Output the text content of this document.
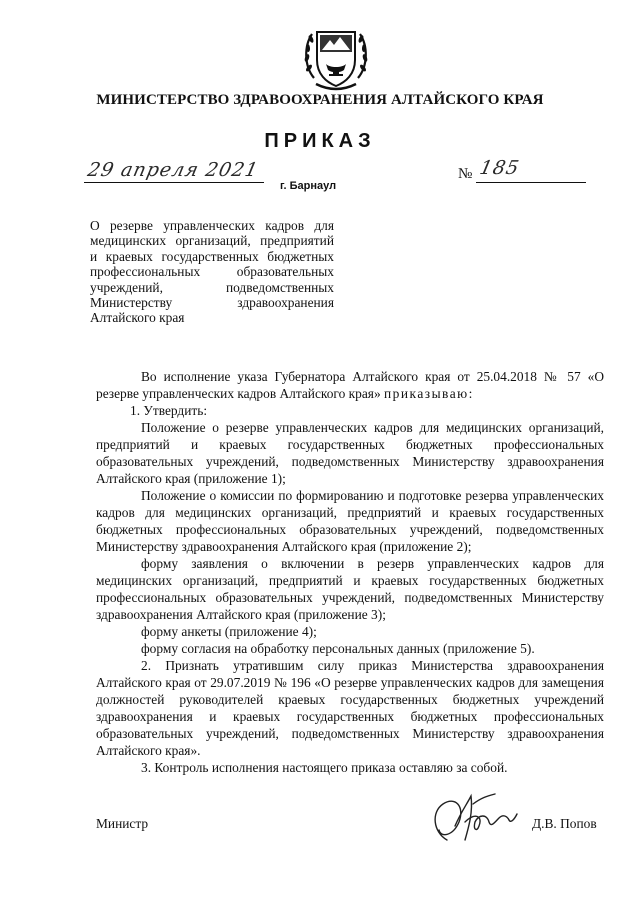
МИНИСТЕРСТВО ЗДРАВООХРАНЕНИЯ АЛТАЙСКОГО КРАЯ
ПРИКАЗ
29 апреля 2021
г. Барнаул
№ 185
О резерве управленческих кадров для
медицинских организаций, предприятий
и краевых государственных бюджетных
профессиональных образовательных
учреждений, подведомственных
Министерству здравоохранения
Алтайского края

Во исполнение указа Губернатора Алтайского края от 25.04.2018 № 57 «О резерве управленческих кадров Алтайского края» приказываю:

1. Утвердить:

Положение о резерве управленческих кадров для медицинских организаций, предприятий и краевых государственных бюджетных профессиональных образовательных учреждений, подведомственных Министерству здравоохранения Алтайского края (приложение 1);

Положение о комиссии по формированию и подготовке резерва управленческих кадров для медицинских организаций, предприятий и краевых государственных бюджетных профессиональных образовательных учреждений, подведомственных Министерству здравоохранения Алтайского края (приложение 2);

форму заявления о включении в резерв управленческих кадров для медицинских организаций, предприятий и краевых государственных бюджетных профессиональных образовательных учреждений, подведомственных Министерству здравоохранения Алтайского края (приложение 3);

форму анкеты (приложение 4);

форму согласия на обработку персональных данных (приложение 5).

2. Признать утратившим силу приказ Министерства здравоохранения Алтайского края от 29.07.2019 № 196 «О резерве управленческих кадров для замещения должностей руководителей краевых государственных бюджетных учреждений здравоохранения и краевых государственных бюджетных профессиональных образовательных учреждений, подведомственных Министерству здравоохранения Алтайского края».

3. Контроль исполнения настоящего приказа оставляю за собой.

Министр	Д.В. Попов
